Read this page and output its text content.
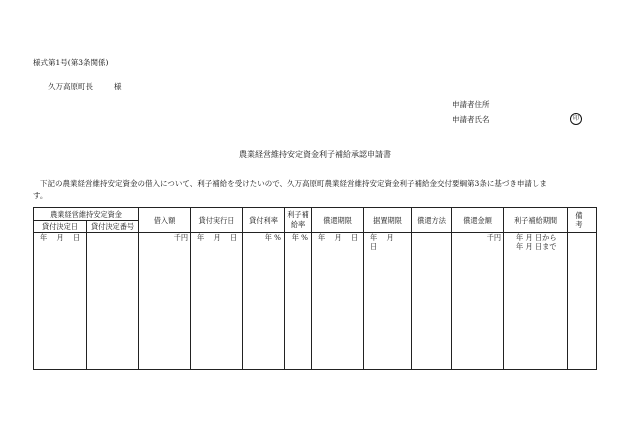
様式第1号(第3条関係)
久万高原町長	様
申請者住所
申請者氏名	印
農業経営維持安定資金利子補給承認申請書
下記の農業経営維持安定資金の借入について、利子補給を受けたいので、久万高原町農業経営維持安定資金利子補給金交付要綱第3条に基づき申請しま
す。
農業経営維持安定資金		借入額	貸付実行日	貸付利率	利子補給率	償還期限	据置期限	償還方法	償還金額	利子補給期間	備考
貸付決定日	貸付決定番号										
年 月 日		千円	年 月 日	年 %	年 %	年 月 日	年 月 日		千円	年 月 日から
年 月 日まで	
